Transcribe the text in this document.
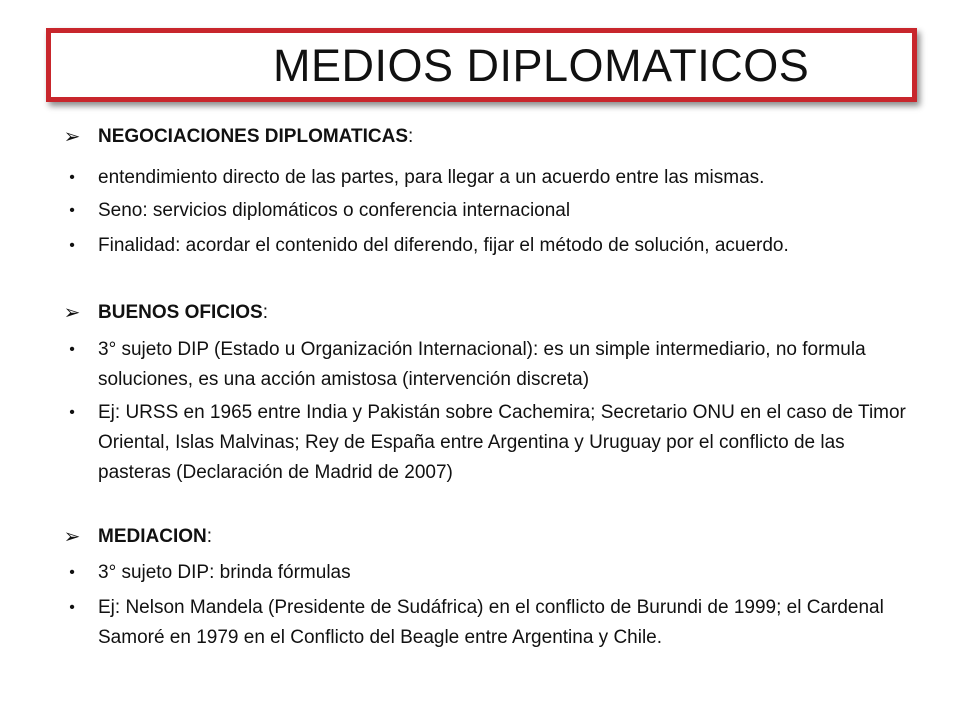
MEDIOS DIPLOMATICOS
➢ NEGOCIACIONES DIPLOMATICAS:
•	entendimiento directo de las partes, para llegar a un acuerdo entre las mismas.
•	Seno: servicios diplomáticos o conferencia internacional
•	Finalidad: acordar el contenido del diferendo, fijar el método de solución, acuerdo.
➢ BUENOS OFICIOS:
•	3° sujeto DIP (Estado u Organización Internacional): es un simple intermediario, no formula soluciones, es una acción amistosa (intervención discreta)
•	Ej: URSS en 1965 entre India y Pakistán sobre Cachemira; Secretario ONU en el caso de Timor Oriental, Islas Malvinas; Rey de España entre Argentina y Uruguay por el conflicto de las pasteras (Declaración de Madrid de 2007)
➢ MEDIACION:
•	3° sujeto DIP: brinda fórmulas
•	Ej: Nelson Mandela (Presidente de Sudáfrica) en el conflicto de Burundi de 1999; el Cardenal Samoré en 1979 en el Conflicto del Beagle entre Argentina y Chile.
